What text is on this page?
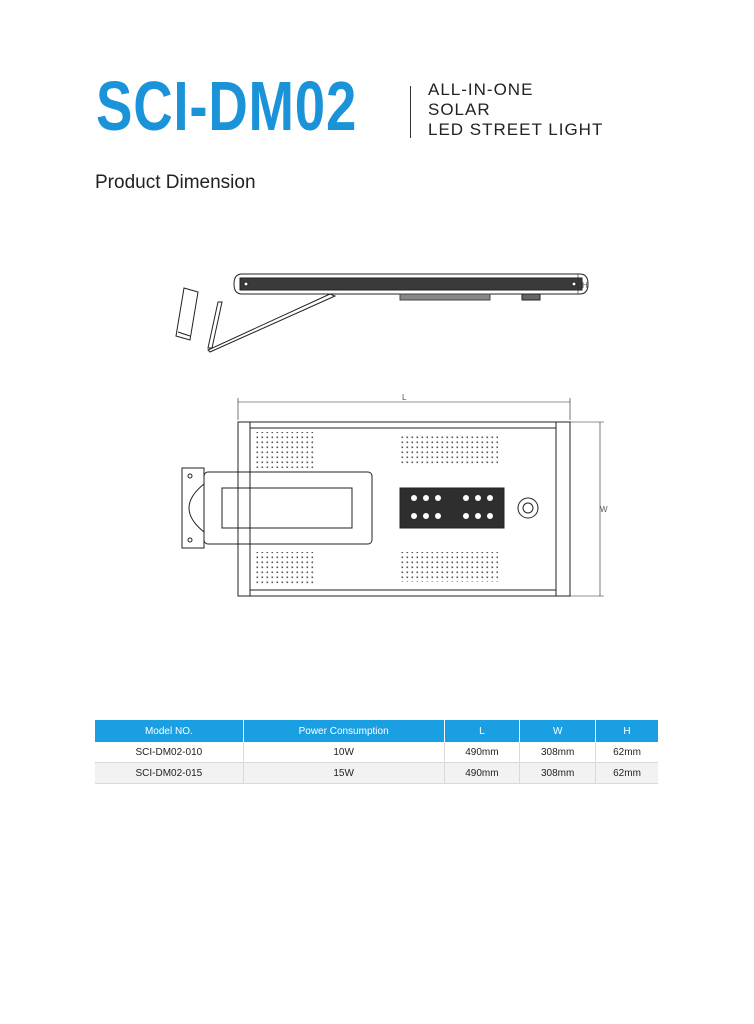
SCI-DM02	ALL-IN-ONE
SOLAR
LED STREET LIGHT
Product Dimension
H
L
W
Model NO.	Power Consumption	L	W	H
SCI-DM02-010	10W	490mm	308mm	62mm
SCI-DM02-015	15W	490mm	308mm	62mm
